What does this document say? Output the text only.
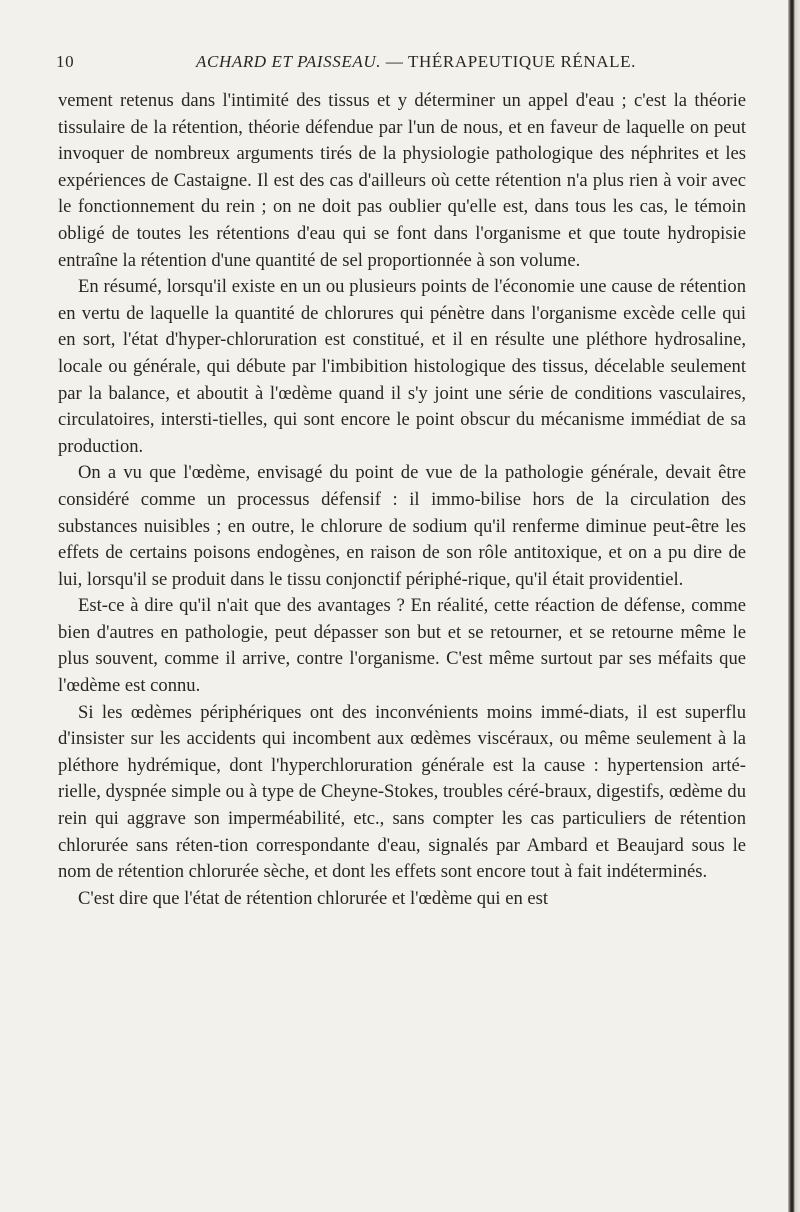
10	ACHARD ET PAISSEAU. — THÉRAPEUTIQUE RÉNALE.

vement retenus dans l'intimité des tissus et y déterminer un appel d'eau ; c'est la théorie tissulaire de la rétention, théorie défendue par l'un de nous, et en faveur de laquelle on peut invoquer de nombreux arguments tirés de la physiologie pathologique des néphrites et les expériences de Castaigne. Il est des cas d'ailleurs où cette rétention n'a plus rien à voir avec le fonctionnement du rein ; on ne doit pas oublier qu'elle est, dans tous les cas, le témoin obligé de toutes les rétentions d'eau qui se font dans l'organisme et que toute hydropisie entraîne la rétention d'une quantité de sel proportionnée à son volume.

En résumé, lorsqu'il existe en un ou plusieurs points de l'économie une cause de rétention en vertu de laquelle la quantité de chlorures qui pénètre dans l'organisme excède celle qui en sort, l'état d'hyper-chloruration est constitué, et il en résulte une pléthore hydrosaline, locale ou générale, qui débute par l'imbibition histologique des tissus, décelable seulement par la balance, et aboutit à l'œdème quand il s'y joint une série de conditions vasculaires, circulatoires, intersti-tielles, qui sont encore le point obscur du mécanisme immédiat de sa production.

On a vu que l'œdème, envisagé du point de vue de la pathologie générale, devait être considéré comme un processus défensif : il immo-bilise hors de la circulation des substances nuisibles ; en outre, le chlorure de sodium qu'il renferme diminue peut-être les effets de certains poisons endogènes, en raison de son rôle antitoxique, et on a pu dire de lui, lorsqu'il se produit dans le tissu conjonctif périphé-rique, qu'il était providentiel.

Est-ce à dire qu'il n'ait que des avantages ? En réalité, cette réaction de défense, comme bien d'autres en pathologie, peut dépasser son but et se retourner, et se retourne même le plus souvent, comme il arrive, contre l'organisme. C'est même surtout par ses méfaits que l'œdème est connu.

Si les œdèmes périphériques ont des inconvénients moins immé-diats, il est superflu d'insister sur les accidents qui incombent aux œdèmes viscéraux, ou même seulement à la pléthore hydrémique, dont l'hyperchloruration générale est la cause : hypertension arté-rielle, dyspnée simple ou à type de Cheyne-Stokes, troubles céré-braux, digestifs, œdème du rein qui aggrave son imperméabilité, etc., sans compter les cas particuliers de rétention chlorurée sans réten-tion correspondante d'eau, signalés par Ambard et Beaujard sous le nom de rétention chlorurée sèche, et dont les effets sont encore tout à fait indéterminés.

C'est dire que l'état de rétention chlorurée et l'œdème qui en est
